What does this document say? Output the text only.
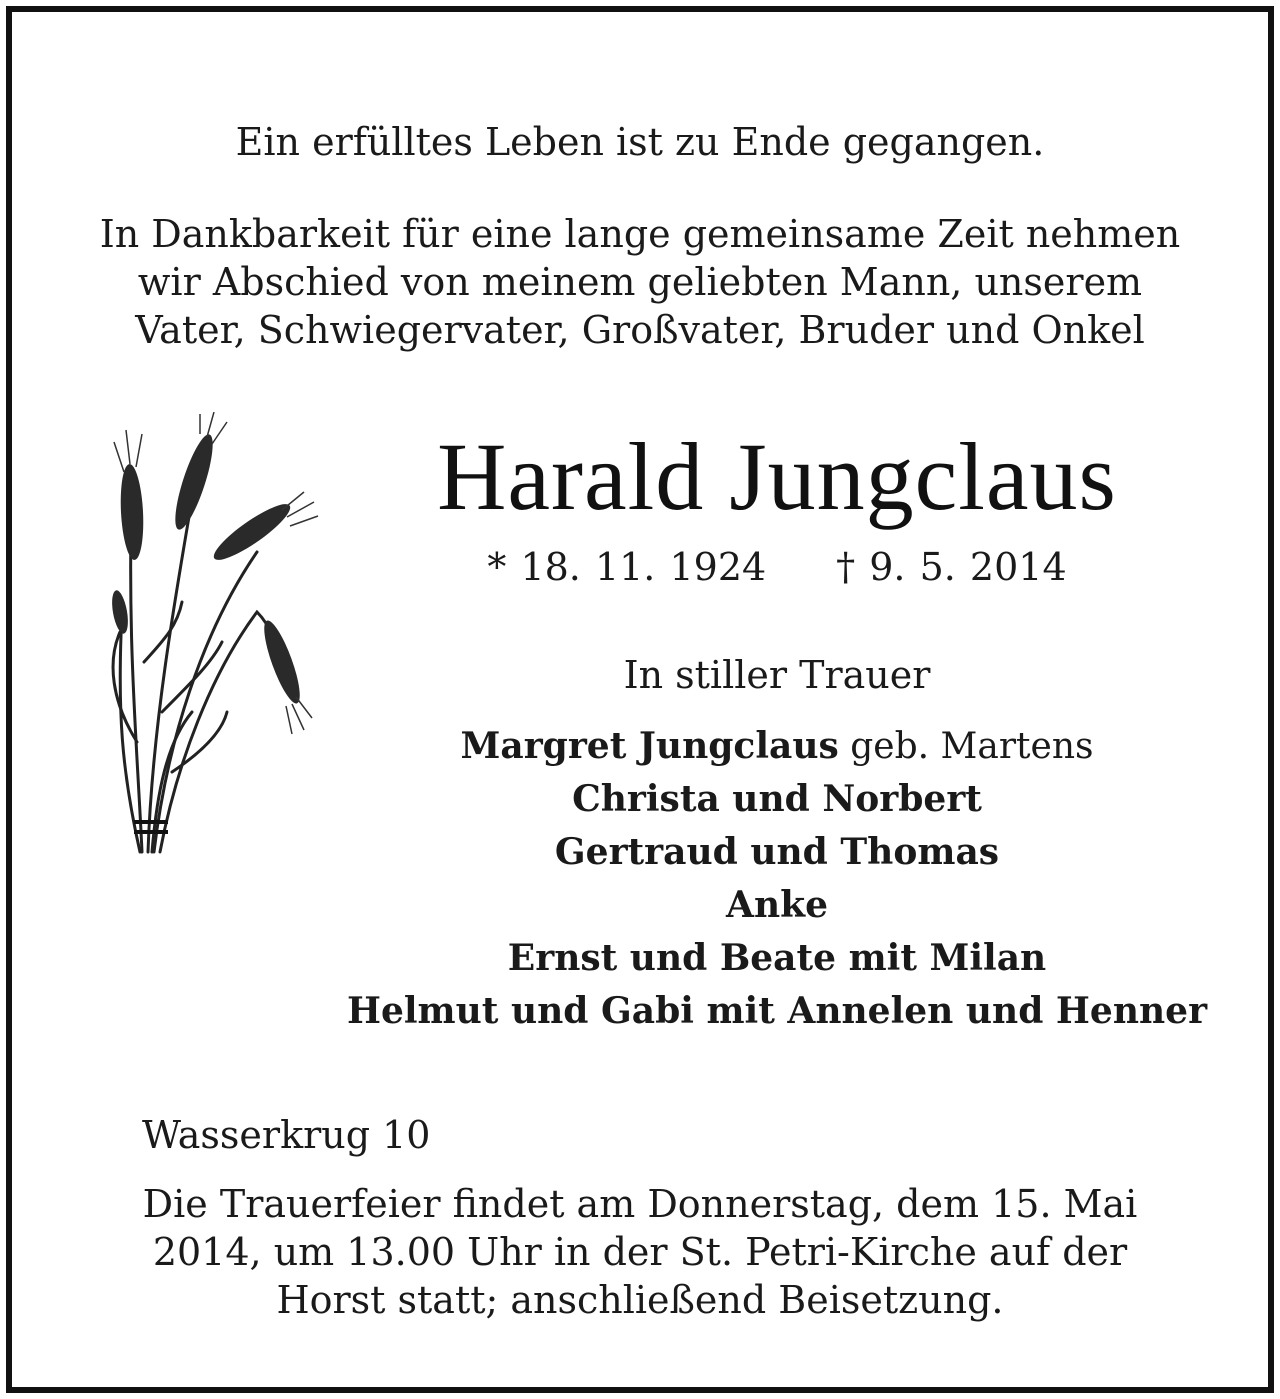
Ein erfülltes Leben ist zu Ende gegangen.
In Dankbarkeit für eine lange gemeinsame Zeit nehmen
wir Abschied von meinem geliebten Mann, unserem
Vater, Schwiegervater, Großvater, Bruder und Onkel
Harald Jungclaus
* 18. 11. 1924 † 9. 5. 2014
In stiller Trauer
Margret Jungclaus geb. Martens
Christa und Norbert
Gertraud und Thomas
Anke
Ernst und Beate mit Milan
Helmut und Gabi mit Annelen und Henner
Wasserkrug 10
Die Trauerfeier findet am Donnerstag, dem 15. Mai
2014, um 13.00 Uhr in der St. Petri-Kirche auf der
Horst statt; anschließend Beisetzung.
